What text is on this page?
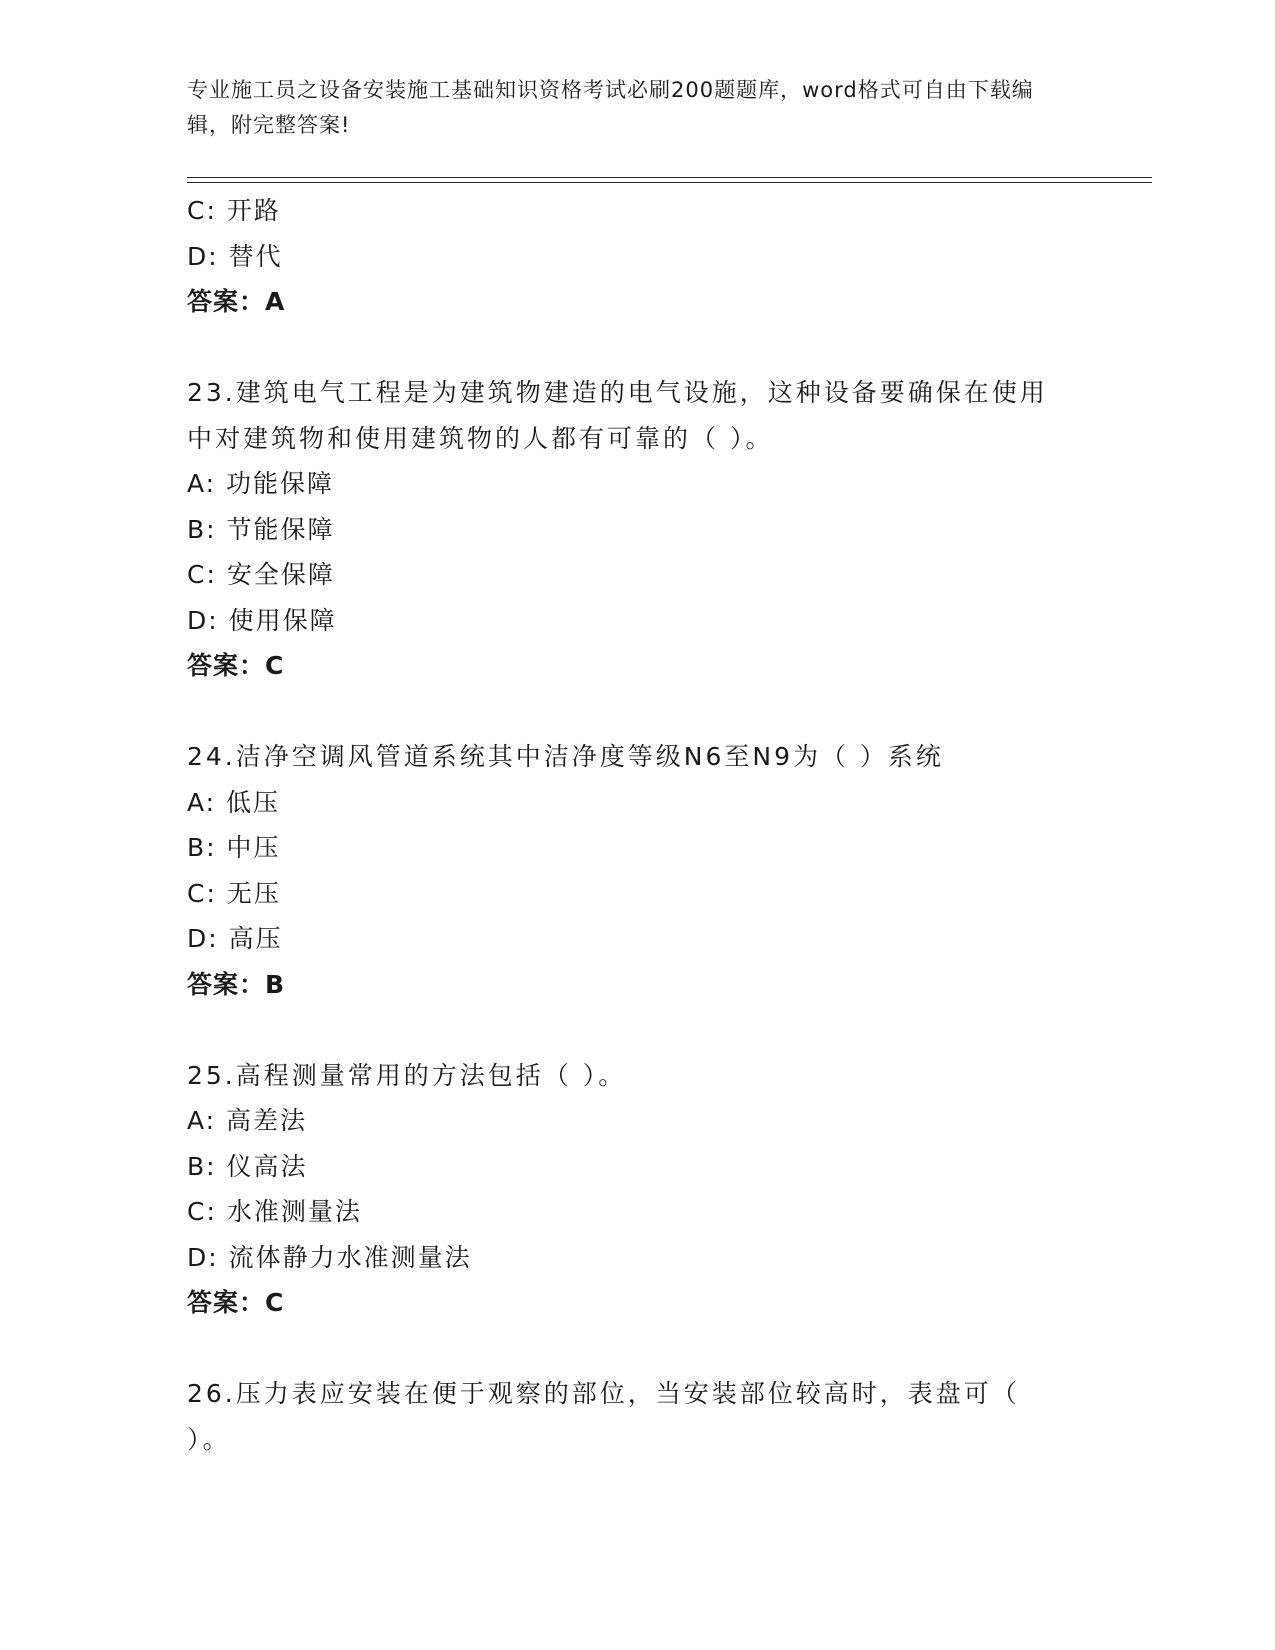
专业施工员之设备安装施工基础知识资格考试必刷200题题库，word格式可自由下载编辑，附完整答案!
C: 开路
D: 替代
答案：A
23.建筑电气工程是为建筑物建造的电气设施，这种设备要确保在使用中对建筑物和使用建筑物的人都有可靠的（ ）。
A: 功能保障
B: 节能保障
C: 安全保障
D: 使用保障
答案：C
24.洁净空调风管道系统其中洁净度等级N6至N9为（ ）系统
A: 低压
B: 中压
C: 无压
D: 高压
答案：B
25.高程测量常用的方法包括（ ）。
A: 高差法
B: 仪高法
C: 水准测量法
D: 流体静力水准测量法
答案：C
26.压力表应安装在便于观察的部位，当安装部位较高时，表盘可（ ）。
